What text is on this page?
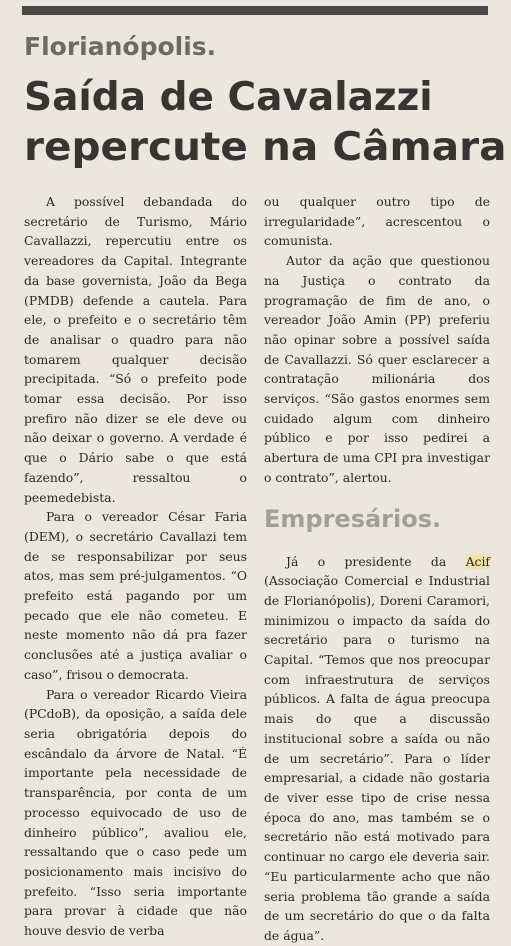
Florianópolis.
Saída de Cavalazzi
repercute na Câmara

A possível debandada do secretário de Turismo, Mário Cavallazzi, repercutiu entre os vereadores da Capital. Integrante da base governista, João da Bega (PMDB) defende a cautela. Para ele, o prefeito e o secretário têm de analisar o quadro para não tomarem qualquer decisão precipitada. “Só o prefeito pode tomar essa decisão. Por isso prefiro não dizer se ele deve ou não deixar o governo. A verdade é que o Dário sabe o que está fazendo”, ressaltou o peemedebista.

Para o vereador César Faria (DEM), o secretário Cavallazi tem de se responsabilizar por seus atos, mas sem pré-julgamentos. “O prefeito está pagando por um pecado que ele não cometeu. E neste momento não dá pra fazer conclusões até a justiça avaliar o caso”, frisou o democrata.

Para o vereador Ricardo Vieira (PCdoB), da oposição, a saída dele seria obrigatória depois do escândalo da árvore de Natal. “É importante pela necessidade de transparência, por conta de um processo equivocado de uso de dinheiro público”, avaliou ele, ressaltando que o caso pede um posicionamento mais incisivo do prefeito. “Isso seria importante para provar à cidade que não houve desvio de verba

ou qualquer outro tipo de irregularidade”, acrescentou o comunista.

Autor da ação que questionou na Justiça o contrato da programação de fim de ano, o vereador João Amin (PP) preferiu não opinar sobre a possível saída de Cavallazzi. Só quer esclarecer a contratação milionária dos serviços. “São gastos enormes sem cuidado algum com dinheiro público e por isso pedirei a abertura de uma CPI pra investigar o contrato”, alertou.

Empresários.

Já o presidente da Acif (Associação Comercial e Industrial de Florianópolis), Doreni Caramori, minimizou o impacto da saída do secretário para o turismo na Capital. “Temos que nos preocupar com infraestrutura de serviços públicos. A falta de água preocupa mais do que a discussão institucional sobre a saída ou não de um secretário”. Para o líder empresarial, a cidade não gostaria de viver esse tipo de crise nessa época do ano, mas também se o secretário não está motivado para continuar no cargo ele deveria sair. “Eu particularmente acho que não seria problema tão grande a saída de um secretário do que o da falta de água”.
